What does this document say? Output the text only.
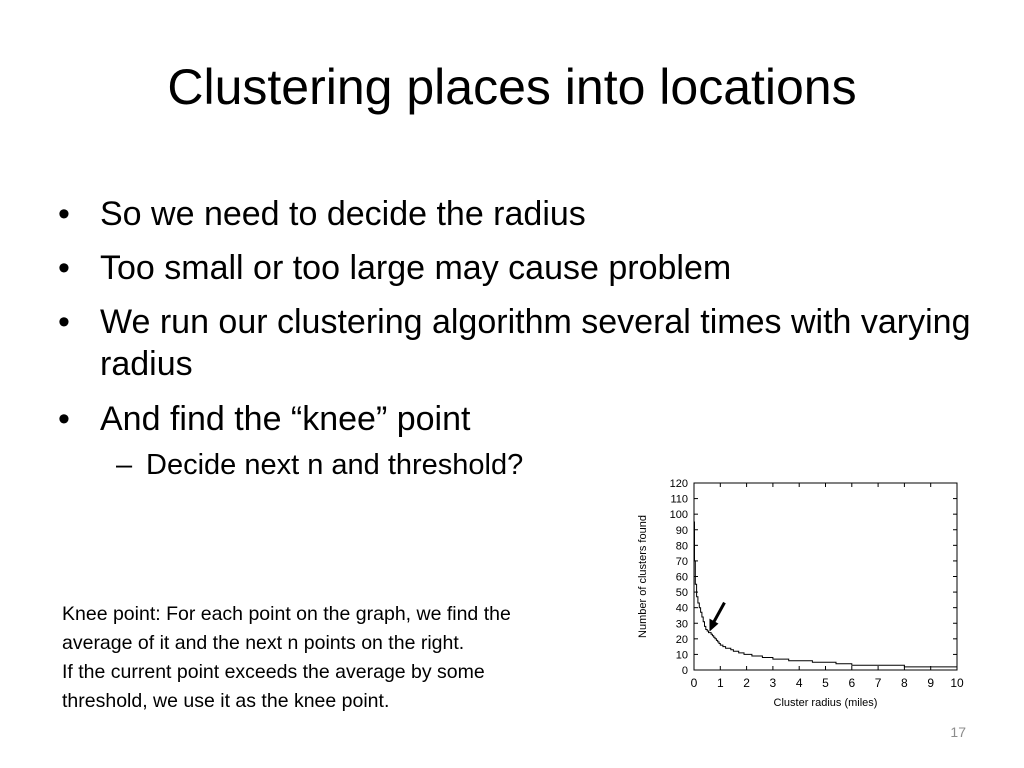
Clustering places into locations
• So we need to decide the radius
• Too small or too large may cause problem
• We run our clustering algorithm several times with varying radius
• And find the “knee” point
– Decide next n and threshold?
Knee point: For each point on the graph, we find the
average of it and the next n points on the right.
If the current point exceeds the average by some
threshold, we use it as the knee point.
0
10
20
30
40
50
60
70
80
90
100
110
120
0 1 2 3 4 5 6 7 8 9 10
Cluster radius (miles)
Number of clusters found
17
